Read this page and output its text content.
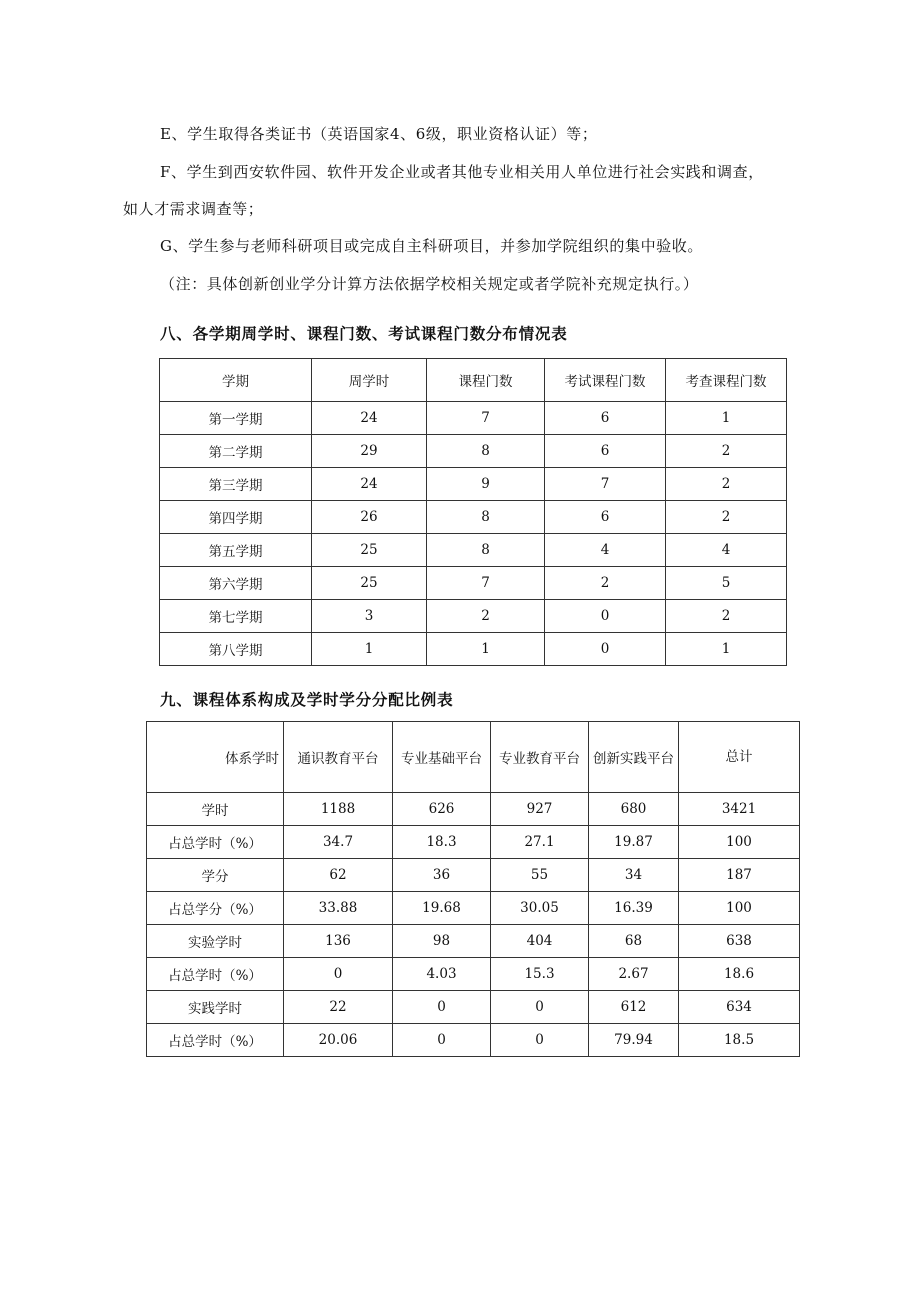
E、学生取得各类证书（英语国家4、6级，职业资格认证）等；
F、学生到西安软件园、软件开发企业或者其他专业相关用人单位进行社会实践和调查，
如人才需求调查等；
G、学生参与老师科研项目或完成自主科研项目，并参加学院组织的集中验收。
（注：具体创新创业学分计算方法依据学校相关规定或者学院补充规定执行。）
八、各学期周学时、课程门数、考试课程门数分布情况表
学期	周学时	课程门数	考试课程门数	考查课程门数
第一学期	24	7	6	1
第二学期	29	8	6	2
第三学期	24	9	7	2
第四学期	26	8	6	2
第五学期	25	8	4	4
第六学期	25	7	2	5
第七学期	3	2	0	2
第八学期	1	1	0	1
九、课程体系构成及学时学分分配比例表
体系学时	通识教育平台	专业基础平台	专业教育平台	创新实践平台	总计
学时	1188	626	927	680	3421
占总学时（%）	34.7	18.3	27.1	19.87	100
学分	62	36	55	34	187
占总学分（%）	33.88	19.68	30.05	16.39	100
实验学时	136	98	404	68	638
占总学时（%）	0	4.03	15.3	2.67	18.6
实践学时	22	0	0	612	634
占总学时（%）	20.06	0	0	79.94	18.5
